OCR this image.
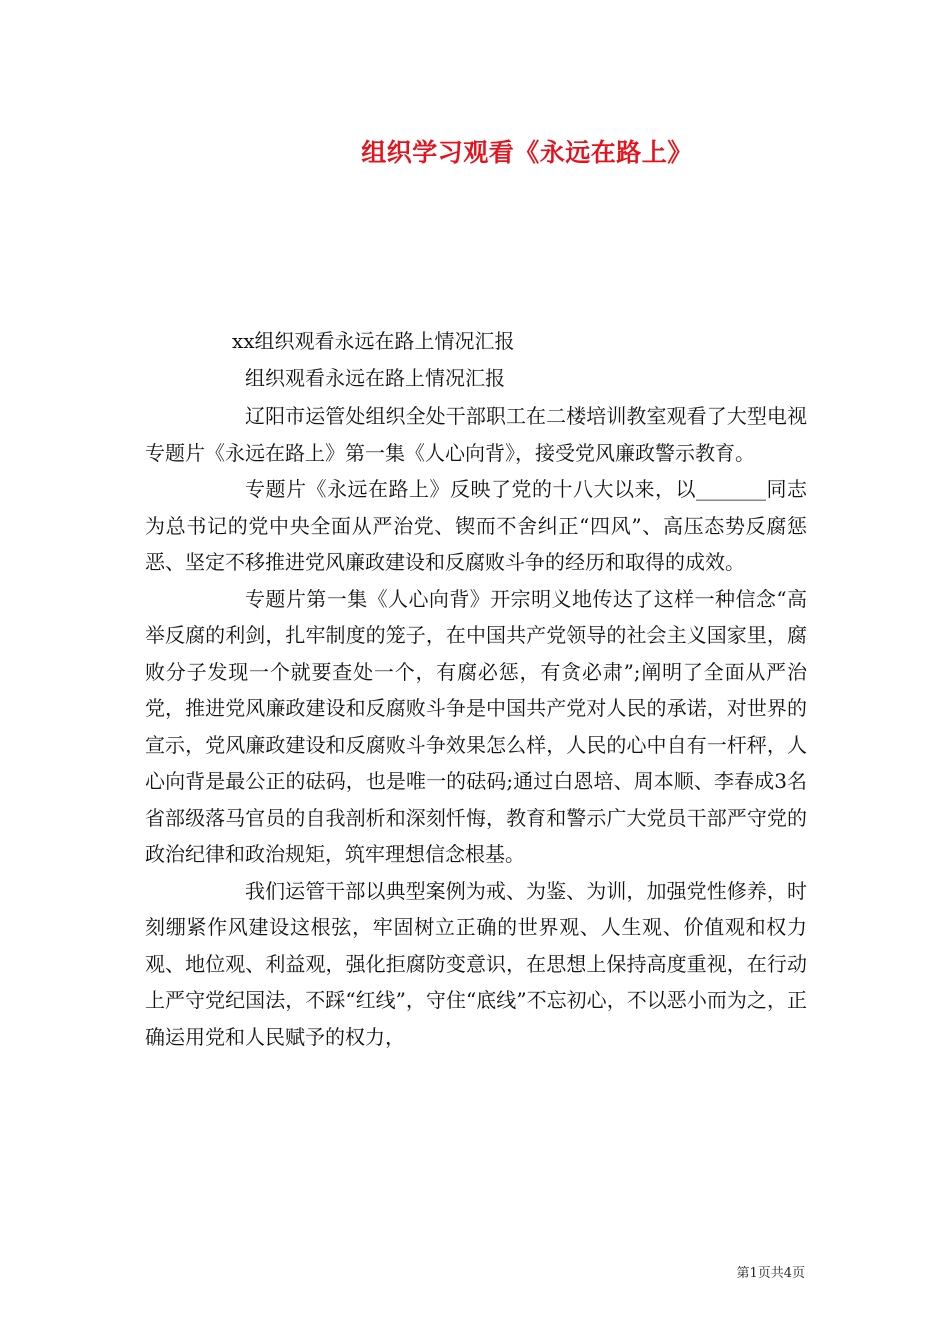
组织学习观看《永远在路上》
xx组织观看永远在路上情况汇报
组织观看永远在路上情况汇报

辽阳市运管处组织全处干部职工在二楼培训教室观看了大型电视专题片《永远在路上》第一集《人心向背》，接受党风廉政警示教育。

专题片《永远在路上》反映了党的十八大以来，以_______同志为总书记的党中央全面从严治党、锲而不舍纠正“四风”、高压态势反腐惩恶、坚定不移推进党风廉政建设和反腐败斗争的经历和取得的成效。

专题片第一集《人心向背》开宗明义地传达了这样一种信念“高举反腐的利剑，扎牢制度的笼子，在中国共产党领导的社会主义国家里，腐败分子发现一个就要查处一个，有腐必惩，有贪必肃”;阐明了全面从严治党，推进党风廉政建设和反腐败斗争是中国共产党对人民的承诺，对世界的宣示，党风廉政建设和反腐败斗争效果怎么样，人民的心中自有一杆秤，人心向背是最公正的砝码，也是唯一的砝码;通过白恩培、周本顺、李春成3名省部级落马官员的自我剖析和深刻忏悔，教育和警示广大党员干部严守党的政治纪律和政治规矩，筑牢理想信念根基。

我们运管干部以典型案例为戒、为鉴、为训，加强党性修养，时刻绷紧作风建设这根弦，牢固树立正确的世界观、人生观、价值观和权力观、地位观、利益观，强化拒腐防变意识，在思想上保持高度重视，在行动上严守党纪国法，不踩“红线”，守住“底线”不忘初心，不以恶小而为之，正确运用党和人民赋予的权力，

第1页共4页
